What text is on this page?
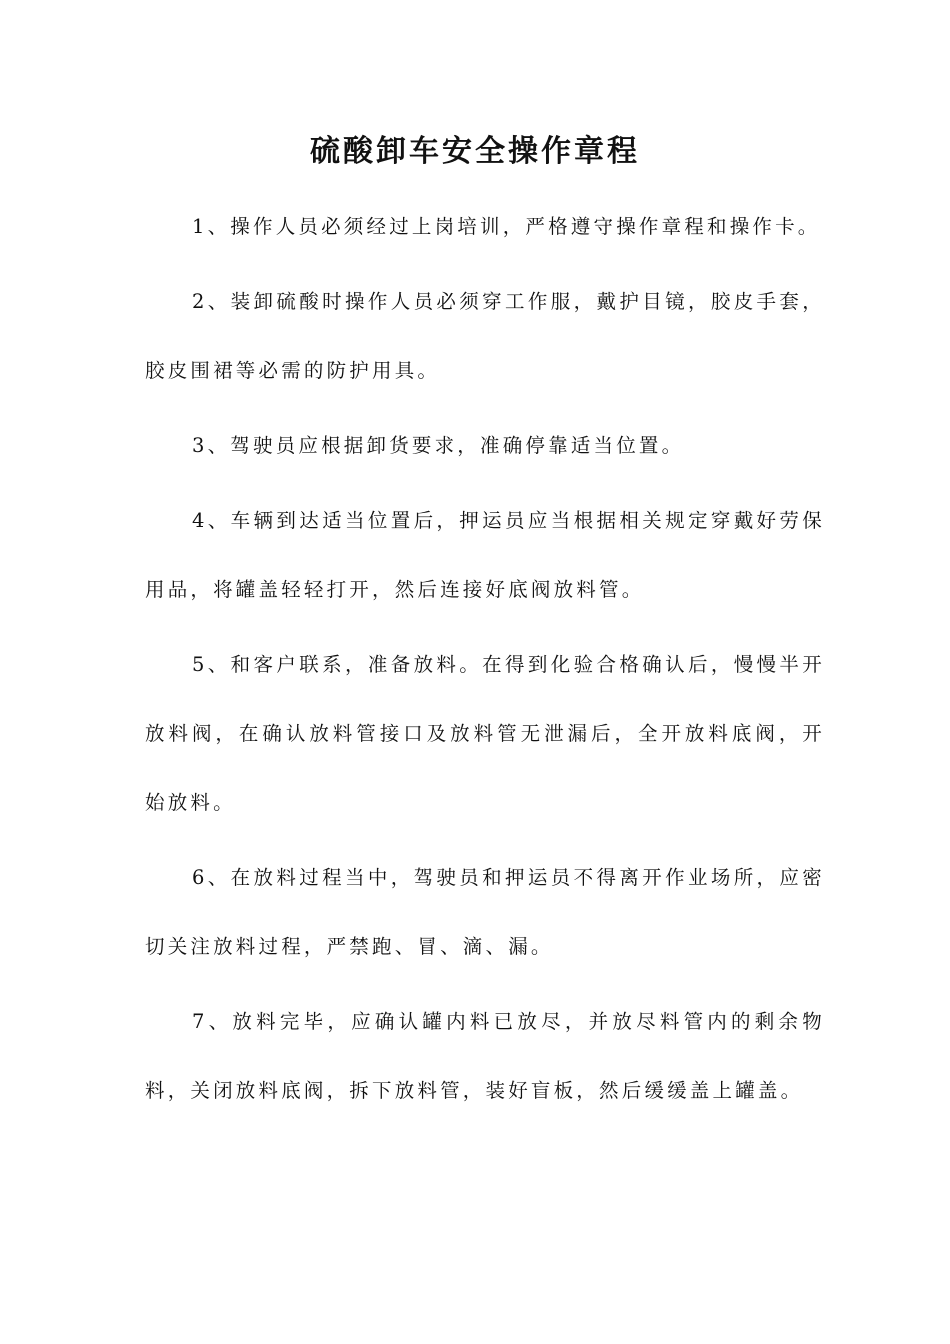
硫酸卸车安全操作章程

1、操作人员必须经过上岗培训，严格遵守操作章程和操作卡。

2、装卸硫酸时操作人员必须穿工作服，戴护目镜，胶皮手套，胶皮围裙等必需的防护用具。

3、驾驶员应根据卸货要求，准确停靠适当位置。

4、车辆到达适当位置后，押运员应当根据相关规定穿戴好劳保用品，将罐盖轻轻打开，然后连接好底阀放料管。

5、和客户联系，准备放料。在得到化验合格确认后，慢慢半开放料阀，在确认放料管接口及放料管无泄漏后，全开放料底阀，开始放料。

6、在放料过程当中，驾驶员和押运员不得离开作业场所，应密切关注放料过程，严禁跑、冒、滴、漏。

7、放料完毕，应确认罐内料已放尽，并放尽料管内的剩余物料，关闭放料底阀，拆下放料管，装好盲板，然后缓缓盖上罐盖。
